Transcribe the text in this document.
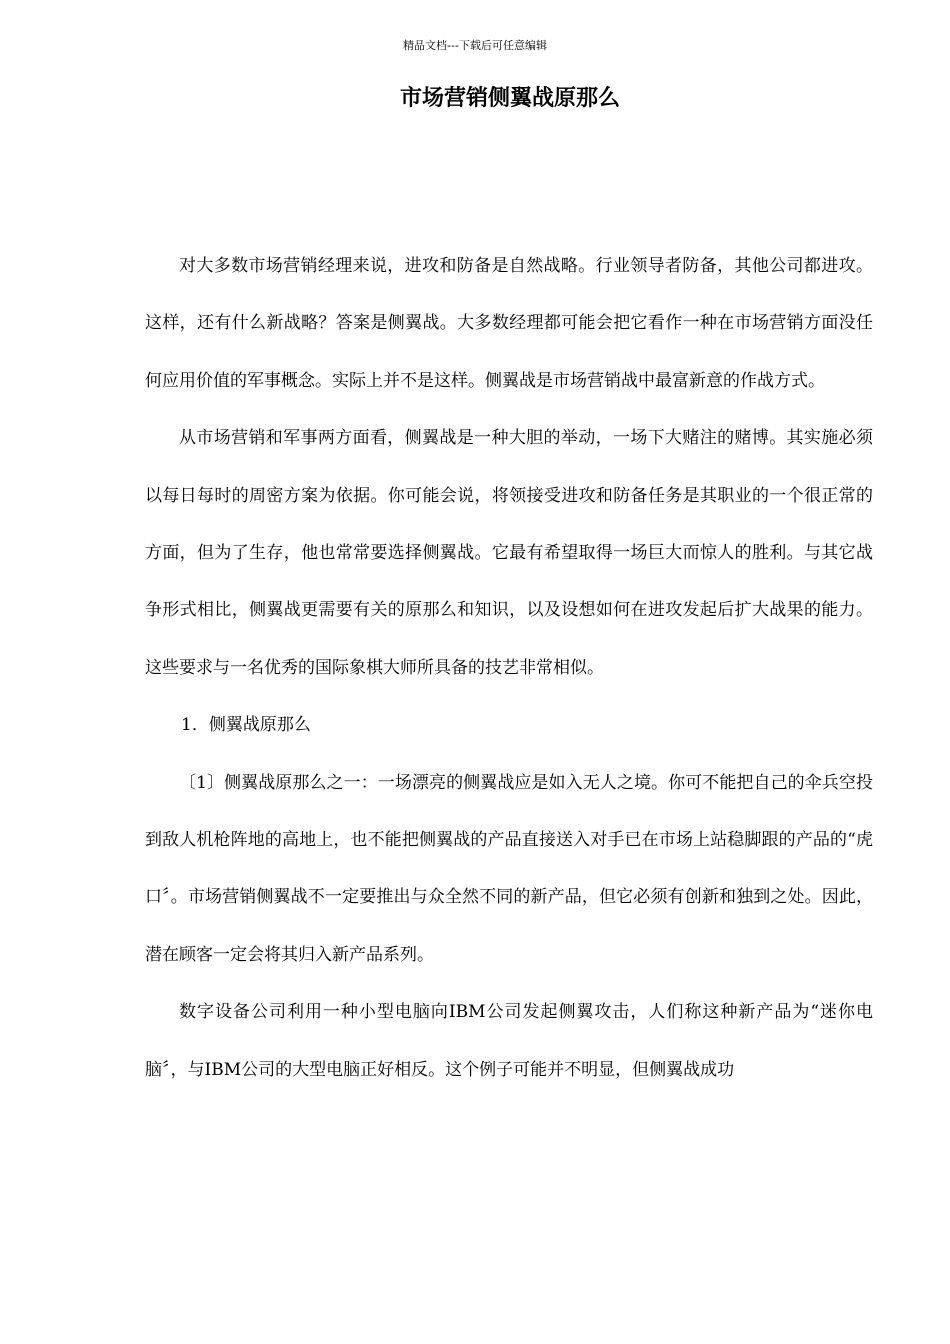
精品文档---下载后可任意编辑
市场营销侧翼战原那么

对大多数市场营销经理来说，进攻和防备是自然战略。行业领导者防备，其他公司都进攻。这样，还有什么新战略？答案是侧翼战。大多数经理都可能会把它看作一种在市场营销方面没任何应用价值的军事概念。实际上并不是这样。侧翼战是市场营销战中最富新意的作战方式。

从市场营销和军事两方面看，侧翼战是一种大胆的举动，一场下大赌注的赌博。其实施必须以每日每时的周密方案为依据。你可能会说，将领接受进攻和防备任务是其职业的一个很正常的方面，但为了生存，他也常常要选择侧翼战。它最有希望取得一场巨大而惊人的胜利。与其它战争形式相比，侧翼战更需要有关的原那么和知识，以及设想如何在进攻发起后扩大战果的能力。这些要求与一名优秀的国际象棋大师所具备的技艺非常相似。

1．侧翼战原那么

〔1〕侧翼战原那么之一：一场漂亮的侧翼战应是如入无人之境。你可不能把自己的伞兵空投到敌人机枪阵地的高地上，也不能把侧翼战的产品直接送入对手已在市场上站稳脚跟的产品的“虎口〞。市场营销侧翼战不一定要推出与众全然不同的新产品，但它必须有创新和独到之处。因此，潜在顾客一定会将其归入新产品系列。

数字设备公司利用一种小型电脑向IBM公司发起侧翼攻击，人们称这种新产品为“迷你电脑〞，与IBM公司的大型电脑正好相反。这个例子可能并不明显，但侧翼战成功
